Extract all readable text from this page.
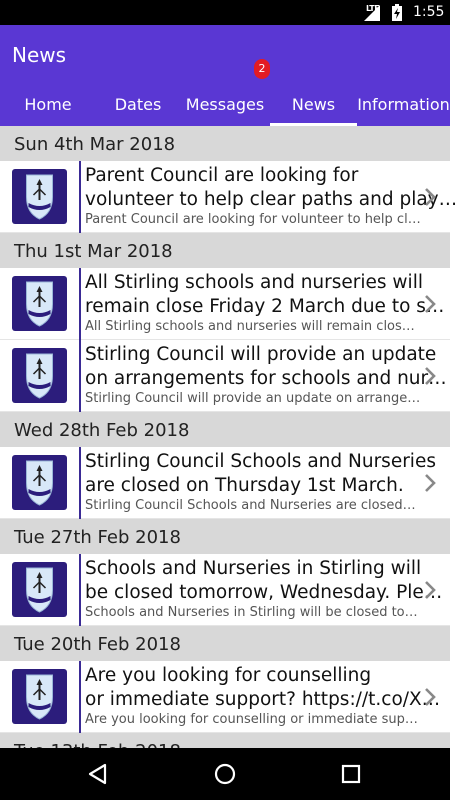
LTE 1:55
News
Home	Dates	Messages	News	Information
2
Sun 4th Mar 2018
Parent Council are looking for
volunteer to help clear paths and play…
Parent Council are looking for volunteer to help cl…
Thu 1st Mar 2018
All Stirling schools and nurseries will
remain close Friday 2 March due to s…
All Stirling schools and nurseries will remain clos…
Stirling Council will provide an update
on arrangements for schools and nur…
Stirling Council will provide an update on arrange…
Wed 28th Feb 2018
Stirling Council Schools and Nurseries
are closed on Thursday 1st March.
Stirling Council Schools and Nurseries are closed…
Tue 27th Feb 2018
Schools and Nurseries in Stirling will
be closed tomorrow, Wednesday. Ple…
Schools and Nurseries in Stirling will be closed to…
Tue 20th Feb 2018
Are you looking for counselling
or immediate support? https://t.co/X…
Are you looking for counselling or immediate sup…
